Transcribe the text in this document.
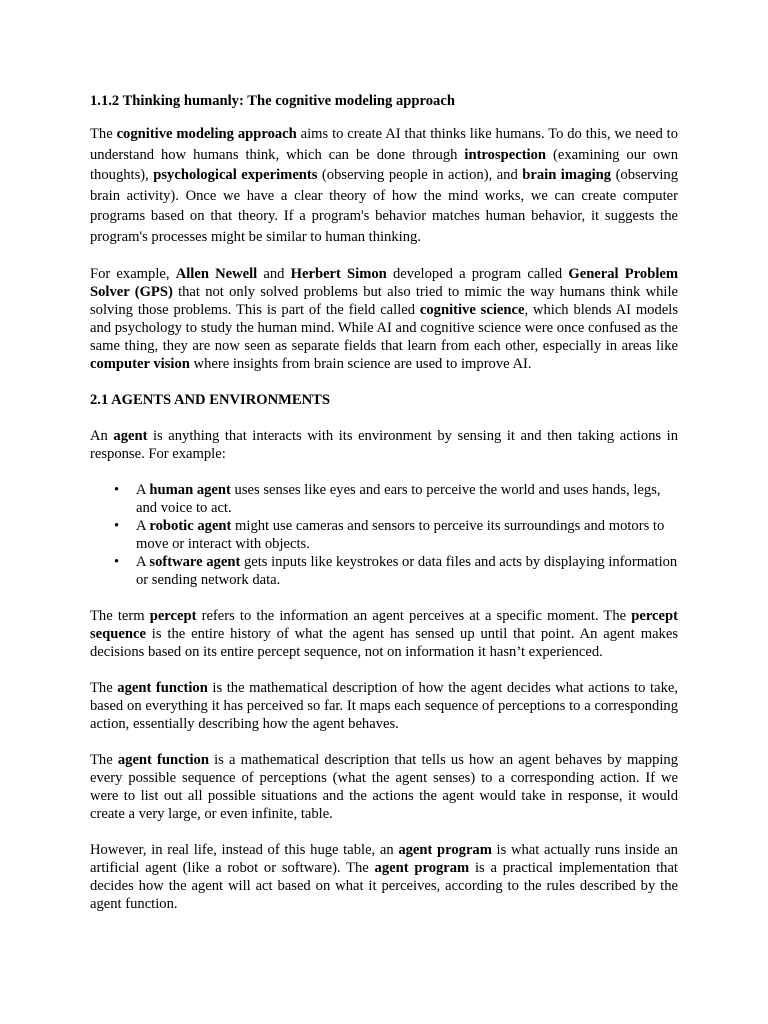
1.1.2 Thinking humanly: The cognitive modeling approach

The cognitive modeling approach aims to create AI that thinks like humans. To do this, we need to understand how humans think, which can be done through introspection (examining our own thoughts), psychological experiments (observing people in action), and brain imaging (observing brain activity). Once we have a clear theory of how the mind works, we can create computer programs based on that theory. If a program's behavior matches human behavior, it suggests the program's processes might be similar to human thinking.

For example, Allen Newell and Herbert Simon developed a program called General Problem Solver (GPS) that not only solved problems but also tried to mimic the way humans think while solving those problems. This is part of the field called cognitive science, which blends AI models and psychology to study the human mind. While AI and cognitive science were once confused as the same thing, they are now seen as separate fields that learn from each other, especially in areas like computer vision where insights from brain science are used to improve AI.

2.1 AGENTS AND ENVIRONMENTS

An agent is anything that interacts with its environment by sensing it and then taking actions in response. For example:

• A human agent uses senses like eyes and ears to perceive the world and uses hands, legs, and voice to act.
• A robotic agent might use cameras and sensors to perceive its surroundings and motors to move or interact with objects.
• A software agent gets inputs like keystrokes or data files and acts by displaying information or sending network data.

The term percept refers to the information an agent perceives at a specific moment. The percept sequence is the entire history of what the agent has sensed up until that point. An agent makes decisions based on its entire percept sequence, not on information it hasn’t experienced.

The agent function is the mathematical description of how the agent decides what actions to take, based on everything it has perceived so far. It maps each sequence of perceptions to a corresponding action, essentially describing how the agent behaves.

The agent function is a mathematical description that tells us how an agent behaves by mapping every possible sequence of perceptions (what the agent senses) to a corresponding action. If we were to list out all possible situations and the actions the agent would take in response, it would create a very large, or even infinite, table.

However, in real life, instead of this huge table, an agent program is what actually runs inside an artificial agent (like a robot or software). The agent program is a practical implementation that decides how the agent will act based on what it perceives, according to the rules described by the agent function.
